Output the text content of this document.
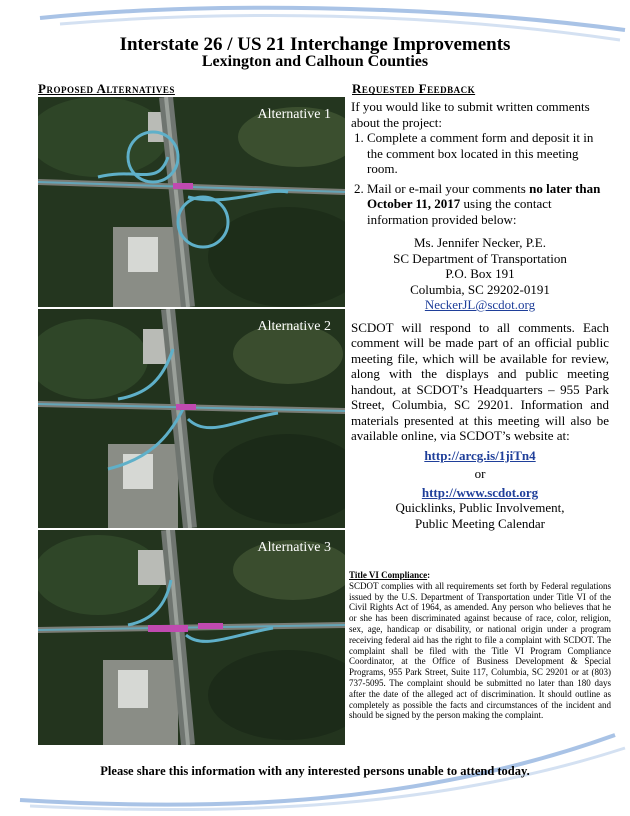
Interstate 26 / US 21 Interchange Improvements
Lexington and Calhoun Counties
Proposed Alternatives	Requested Feedback
Alternative 1
Alternative 2
Alternative 3

If you would like to submit written comments about the project:

1. Complete a comment form and deposit it in the comment box located in this meeting room.
2. Mail or e-mail your comments no later than October 11, 2017 using the contact information provided below:
Ms. Jennifer Necker, P.E.
SC Department of Transportation
P.O. Box 191
Columbia, SC 29202-0191
NeckerJL@scdot.org
SCDOT will respond to all comments. Each comment will be made part of an official public meeting file, which will be available for review, along with the displays and public meeting handout, at SCDOT’s Headquarters – 955 Park Street, Columbia, SC 29201. Information and materials presented at this meeting will also be available online, via SCDOT’s website at:
http://arcg.is/1jiTn4
or
http://www.scdot.org
Quicklinks, Public Involvement,
Public Meeting Calendar
Title VI Compliance:
SCDOT complies with all requirements set forth by Federal regulations issued by the U.S. Department of Transportation under Title VI of the Civil Rights Act of 1964, as amended. Any person who believes that he or she has been discriminated against because of race, color, religion, sex, age, handicap or disability, or national origin under a program receiving federal aid has the right to file a complaint with SCDOT. The complaint shall be filed with the Title VI Program Compliance Coordinator, at the Office of Business Development & Special Programs, 955 Park Street, Suite 117, Columbia, SC 29201 or at (803) 737-5095. The complaint should be submitted no later than 180 days after the date of the alleged act of discrimination. It should outline as completely as possible the facts and circumstances of the incident and should be signed by the person making the complaint.
Please share this information with any interested persons unable to attend today.
